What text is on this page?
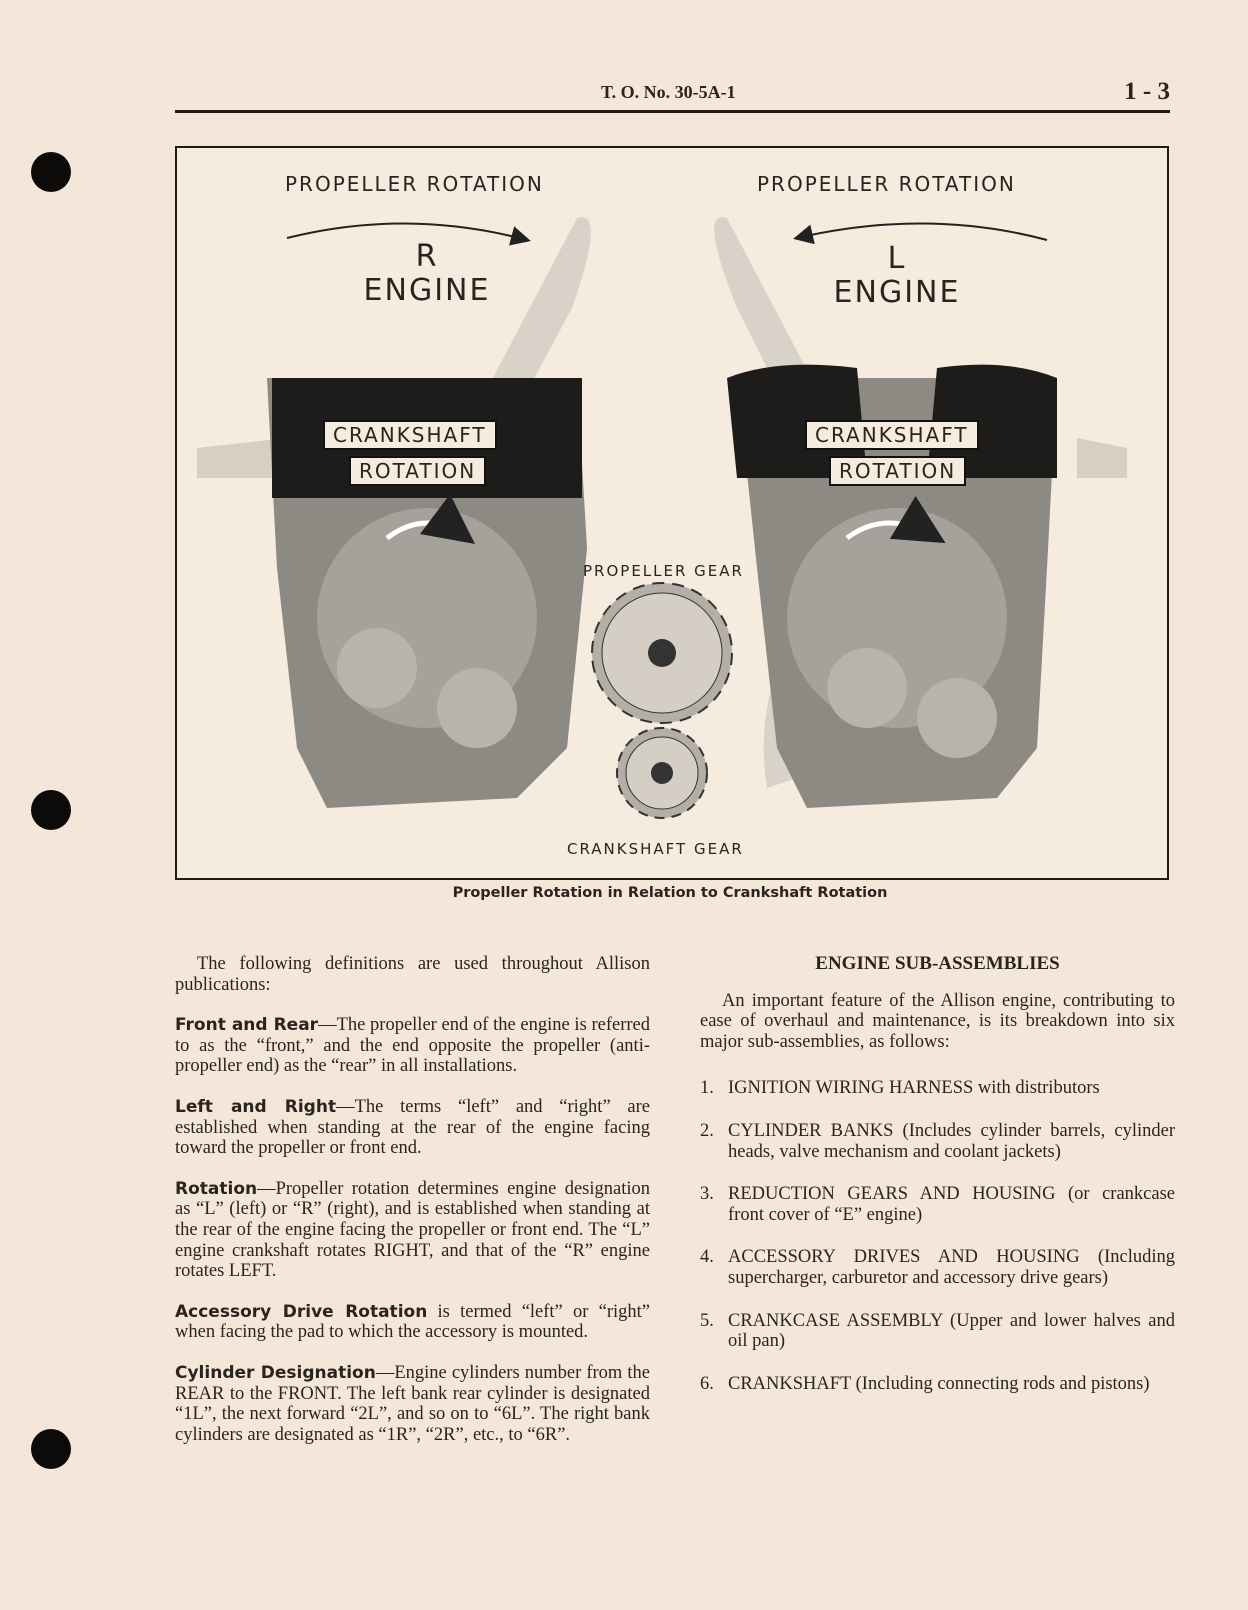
T. O. No. 30-5A-1	1 - 3
PROPELLER ROTATION	PROPELLER ROTATION
R
ENGINE
L
ENGINE
CRANKSHAFT
ROTATION
CRANKSHAFT
ROTATION
PROPELLER GEAR
CRANKSHAFT GEAR
Propeller Rotation in Relation to Crankshaft Rotation

The following definitions are used throughout Allison publications:

Front and Rear—The propeller end of the engine is referred to as the “front,” and the end opposite the propeller (anti-propeller end) as the “rear” in all installations.

Left and Right—The terms “left” and “right” are established when standing at the rear of the engine facing toward the propeller or front end.

Rotation—Propeller rotation determines engine designation as “L” (left) or “R” (right), and is established when standing at the rear of the engine facing the propeller or front end. The “L” engine crankshaft rotates RIGHT, and that of the “R” engine rotates LEFT.

Accessory Drive Rotation is termed “left” or “right” when facing the pad to which the accessory is mounted.

Cylinder Designation—Engine cylinders number from the REAR to the FRONT. The left bank rear cylinder is designated “1L”, the next forward “2L”, and so on to “6L”. The right bank cylinders are designated as “1R”, “2R”, etc., to “6R”.

ENGINE SUB-ASSEMBLIES

An important feature of the Allison engine, contributing to ease of overhaul and maintenance, is its breakdown into six major sub-assemblies, as follows:

1. IGNITION WIRING HARNESS with distributors
2. CYLINDER BANKS (Includes cylinder barrels, cylinder heads, valve mechanism and coolant jackets)
3. REDUCTION GEARS AND HOUSING (or crankcase front cover of “E” engine)
4. ACCESSORY DRIVES AND HOUSING (Including supercharger, carburetor and accessory drive gears)
5. CRANKCASE ASSEMBLY (Upper and lower halves and oil pan)
6. CRANKSHAFT (Including connecting rods and pistons)
